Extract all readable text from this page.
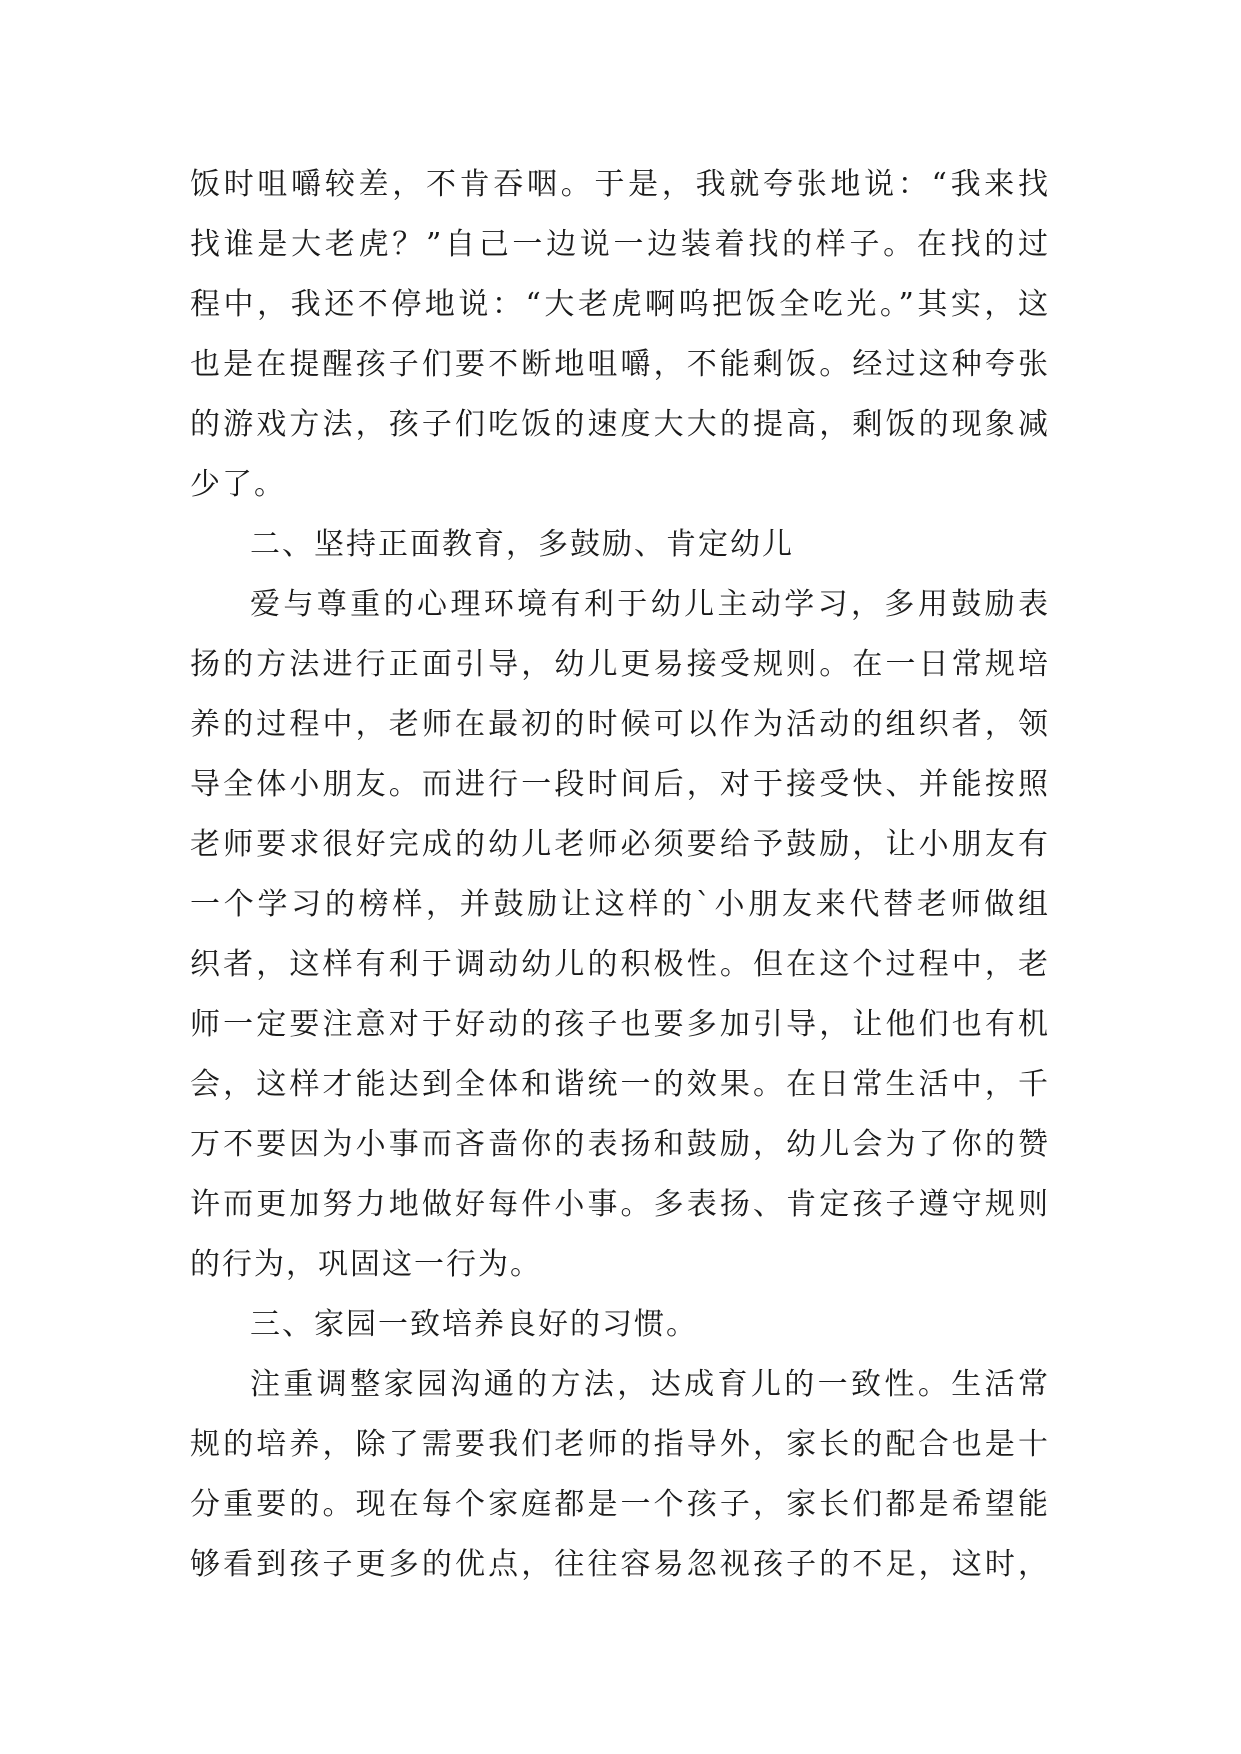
饭时咀嚼较差，不肯吞咽。于是，我就夸张地说：“我来找
找谁是大老虎？”自己一边说一边装着找的样子。在找的过
程中，我还不停地说：“大老虎啊呜把饭全吃光。”其实，这
也是在提醒孩子们要不断地咀嚼，不能剩饭。经过这种夸张
的游戏方法，孩子们吃饭的速度大大的提高，剩饭的现象减
少了。
二、坚持正面教育，多鼓励、肯定幼儿
爱与尊重的心理环境有利于幼儿主动学习，多用鼓励表
扬的方法进行正面引导，幼儿更易接受规则。在一日常规培
养的过程中，老师在最初的时候可以作为活动的组织者，领
导全体小朋友。而进行一段时间后，对于接受快、并能按照
老师要求很好完成的幼儿老师必须要给予鼓励，让小朋友有
一个学习的榜样，并鼓励让这样的`小朋友来代替老师做组
织者，这样有利于调动幼儿的积极性。但在这个过程中，老
师一定要注意对于好动的孩子也要多加引导，让他们也有机
会，这样才能达到全体和谐统一的效果。在日常生活中，千
万不要因为小事而吝啬你的表扬和鼓励，幼儿会为了你的赞
许而更加努力地做好每件小事。多表扬、肯定孩子遵守规则
的行为，巩固这一行为。
三、家园一致培养良好的习惯。
注重调整家园沟通的方法，达成育儿的一致性。生活常
规的培养，除了需要我们老师的指导外，家长的配合也是十
分重要的。现在每个家庭都是一个孩子，家长们都是希望能
够看到孩子更多的优点，往往容易忽视孩子的不足，这时，
